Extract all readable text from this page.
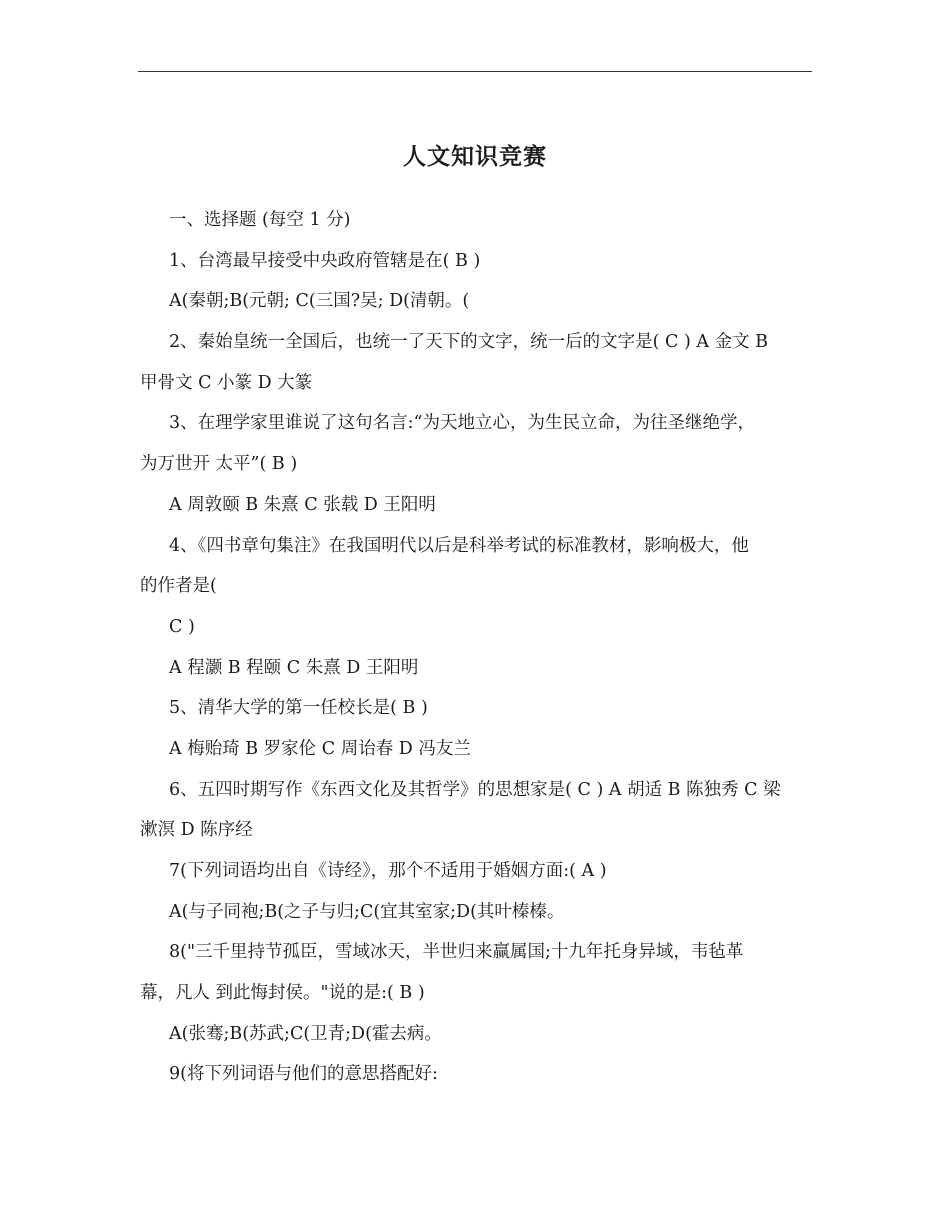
人文知识竞赛
一、选择题 (每空 1 分)
1、台湾最早接受中央政府管辖是在( B )
A(秦朝;B(元朝; C(三国?吴; D(清朝。(
2、秦始皇统一全国后，也统一了天下的文字，统一后的文字是( C ) A 金文 B
甲骨文 C 小篆 D 大篆
3、在理学家里谁说了这句名言:“为天地立心，为生民立命，为往圣继绝学，
为万世开 太平”( B )
A 周敦颐 B 朱熹 C 张载 D 王阳明
4、《四书章句集注》在我国明代以后是科举考试的标准教材，影响极大，他
的作者是(
C )
A 程灏 B 程颐 C 朱熹 D 王阳明
5、清华大学的第一任校长是( B )
A 梅贻琦 B 罗家伦 C 周诒春 D 冯友兰
6、五四时期写作《东西文化及其哲学》的思想家是( C ) A 胡适 B 陈独秀 C 梁
漱溟 D 陈序经
7(下列词语均出自《诗经》，那个不适用于婚姻方面:( A )
A(与子同袍;B(之子与归;C(宜其室家;D(其叶榛榛。
8("三千里持节孤臣，雪域冰天，半世归来赢属国;十九年托身异域，韦毡革
幕，凡人 到此悔封侯。"说的是:( B )
A(张骞;B(苏武;C(卫青;D(霍去病。
9(将下列词语与他们的意思搭配好:
